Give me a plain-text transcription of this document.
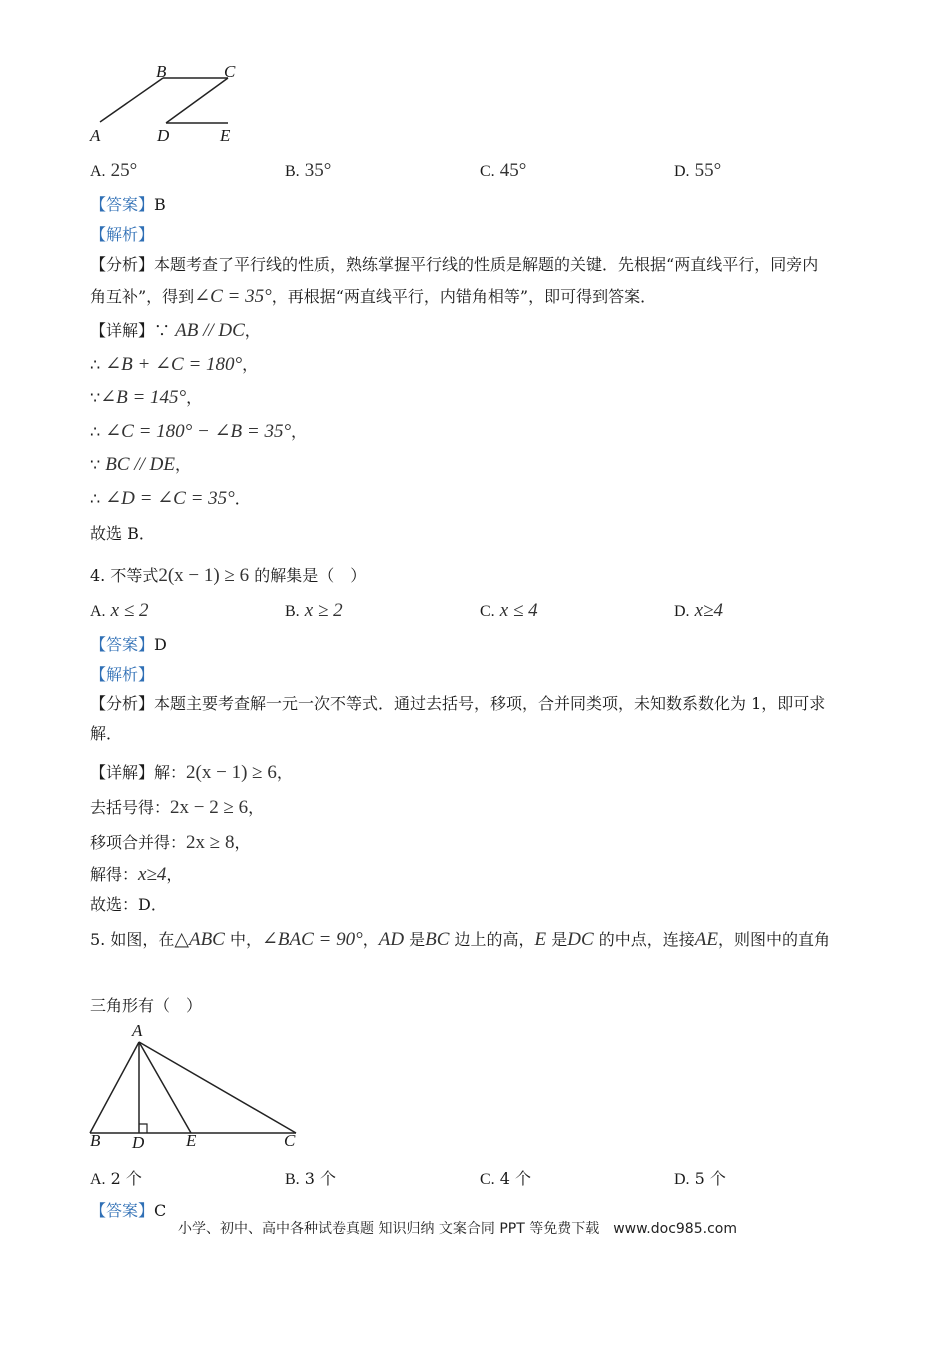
A
B	C
D	E
A. 25°	B. 35°	C. 45°	D. 55°
【答案】B
【解析】
【分析】本题考查了平行线的性质，熟练掌握平行线的性质是解题的关键．先根据“两直线平行，同旁内
角互补”，得到∠C = 35°，再根据“两直线平行，内错角相等”，即可得到答案．
【详解】∵ AB // DC，
∴ ∠B + ∠C = 180°，
∵∠B = 145°，
∴ ∠C = 180° − ∠B = 35°，
∵ BC // DE，
∴ ∠D = ∠C = 35°．
故选 B．
4. 不等式2(x − 1) ≥ 6 的解集是（　）
A. x ≤ 2	B. x ≥ 2	C. x ≤ 4	D. x≥4
【答案】D
【解析】
【分析】本题主要考查解一元一次不等式．通过去括号，移项，合并同类项，未知数系数化为 1，即可求
解．
【详解】解：2(x − 1) ≥ 6，
去括号得：2x − 2 ≥ 6，
移项合并得：2x ≥ 8，
解得：x≥4，
故选：D．
5. 如图，在△ABC 中，∠BAC = 90°，AD 是BC 边上的高，E 是DC 的中点，连接AE，则图中的直角
三角形有（　）
A
B D E	C
A. 2 个	B. 3 个	C. 4 个	D. 5 个
【答案】C
小学、初中、高中各种试卷真题 知识归纳 文案合同 PPT 等免费下载　www.doc985.com
